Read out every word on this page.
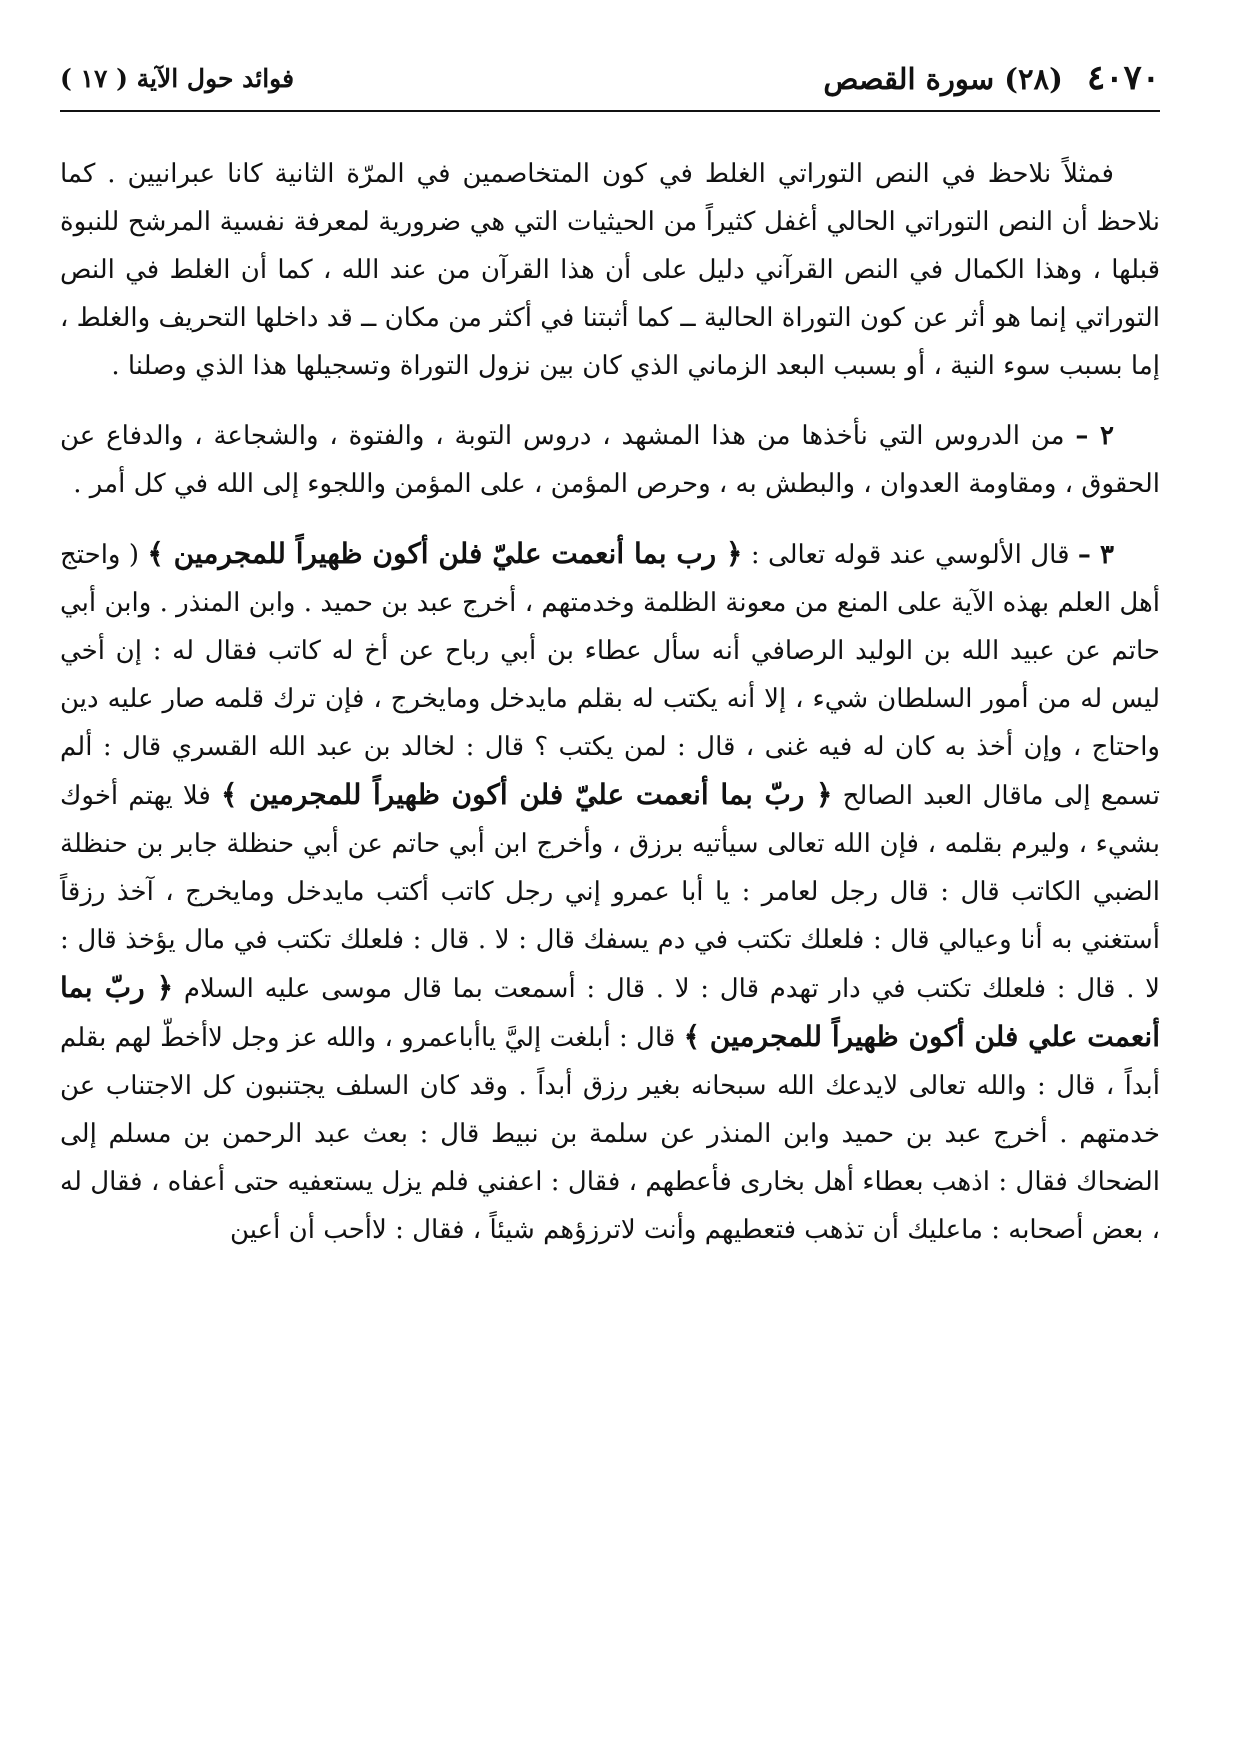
٤٠٧٠ (٢٨) سورة القصص
فوائد حول الآية ( ١٧ )

فمثلاً نلاحظ في النص التوراتي الغلط في كون المتخاصمين في المرّة الثانية كانا عبرانيين . كما نلاحظ أن النص التوراتي الحالي أغفل كثيراً من الحيثيات التي هي ضرورية لمعرفة نفسية المرشح للنبوة قبلها ، وهذا الكمال في النص القرآني دليل على أن هذا القرآن من عند الله ، كما أن الغلط في النص التوراتي إنما هو أثر عن كون التوراة الحالية ــ كما أثبتنا في أكثر من مكان ــ قد داخلها التحريف والغلط ، إما بسبب سوء النية ، أو بسبب البعد الزماني الذي كان بين نزول التوراة وتسجيلها هذا الذي وصلنا .

٢ – من الدروس التي نأخذها من هذا المشهد ، دروس التوبة ، والفتوة ، والشجاعة ، والدفاع عن الحقوق ، ومقاومة العدوان ، والبطش به ، وحرص المؤمن ، على المؤمن واللجوء إلى الله في كل أمر .

٣ – قال الألوسي عند قوله تعالى : ﴿ رب بما أنعمت عليّ فلن أكون ظهيراً للمجرمين ﴾ ( واحتج أهل العلم بهذه الآية على المنع من معونة الظلمة وخدمتهم ، أخرج عبد بن حميد . وابن المنذر . وابن أبي حاتم عن عبيد الله بن الوليد الرصافي أنه سأل عطاء بن أبي رباح عن أخ له كاتب فقال له : إن أخي ليس له من أمور السلطان شيء ، إلا أنه يكتب له بقلم مايدخل ومايخرج ، فإن ترك قلمه صار عليه دين واحتاج ، وإن أخذ به كان له فيه غنى ، قال : لمن يكتب ؟ قال : لخالد بن عبد الله القسري قال : ألم تسمع إلى ماقال العبد الصالح ﴿ ربّ بما أنعمت عليّ فلن أكون ظهيراً للمجرمين ﴾ فلا يهتم أخوك بشيء ، وليرم بقلمه ، فإن الله تعالى سيأتيه برزق ، وأخرج ابن أبي حاتم عن أبي حنظلة جابر بن حنظلة الضبي الكاتب قال : قال رجل لعامر : يا أبا عمرو إني رجل كاتب أكتب مايدخل ومايخرج ، آخذ رزقاً أستغني به أنا وعيالي قال : فلعلك تكتب في دم يسفك قال : لا . قال : فلعلك تكتب في مال يؤخذ قال : لا . قال : فلعلك تكتب في دار تهدم قال : لا . قال : أسمعت بما قال موسى عليه السلام ﴿ ربّ بما أنعمت علي فلن أكون ظهيراً للمجرمين ﴾ قال : أبلغت إليَّ ياأباعمرو ، والله عز وجل لاأخطّ لهم بقلم أبداً ، قال : والله تعالى لايدعك الله سبحانه بغير رزق أبداً . وقد كان السلف يجتنبون كل الاجتناب عن خدمتهم . أخرج عبد بن حميد وابن المنذر عن سلمة بن نبيط قال : بعث عبد الرحمن بن مسلم إلى الضحاك فقال : اذهب بعطاء أهل بخارى فأعطهم ، فقال : اعفني فلم يزل يستعفيه حتى أعفاه ، فقال له ، بعض أصحابه : ماعليك أن تذهب فتعطيهم وأنت لاترزؤهم شيئاً ، فقال : لاأحب أن أعين
